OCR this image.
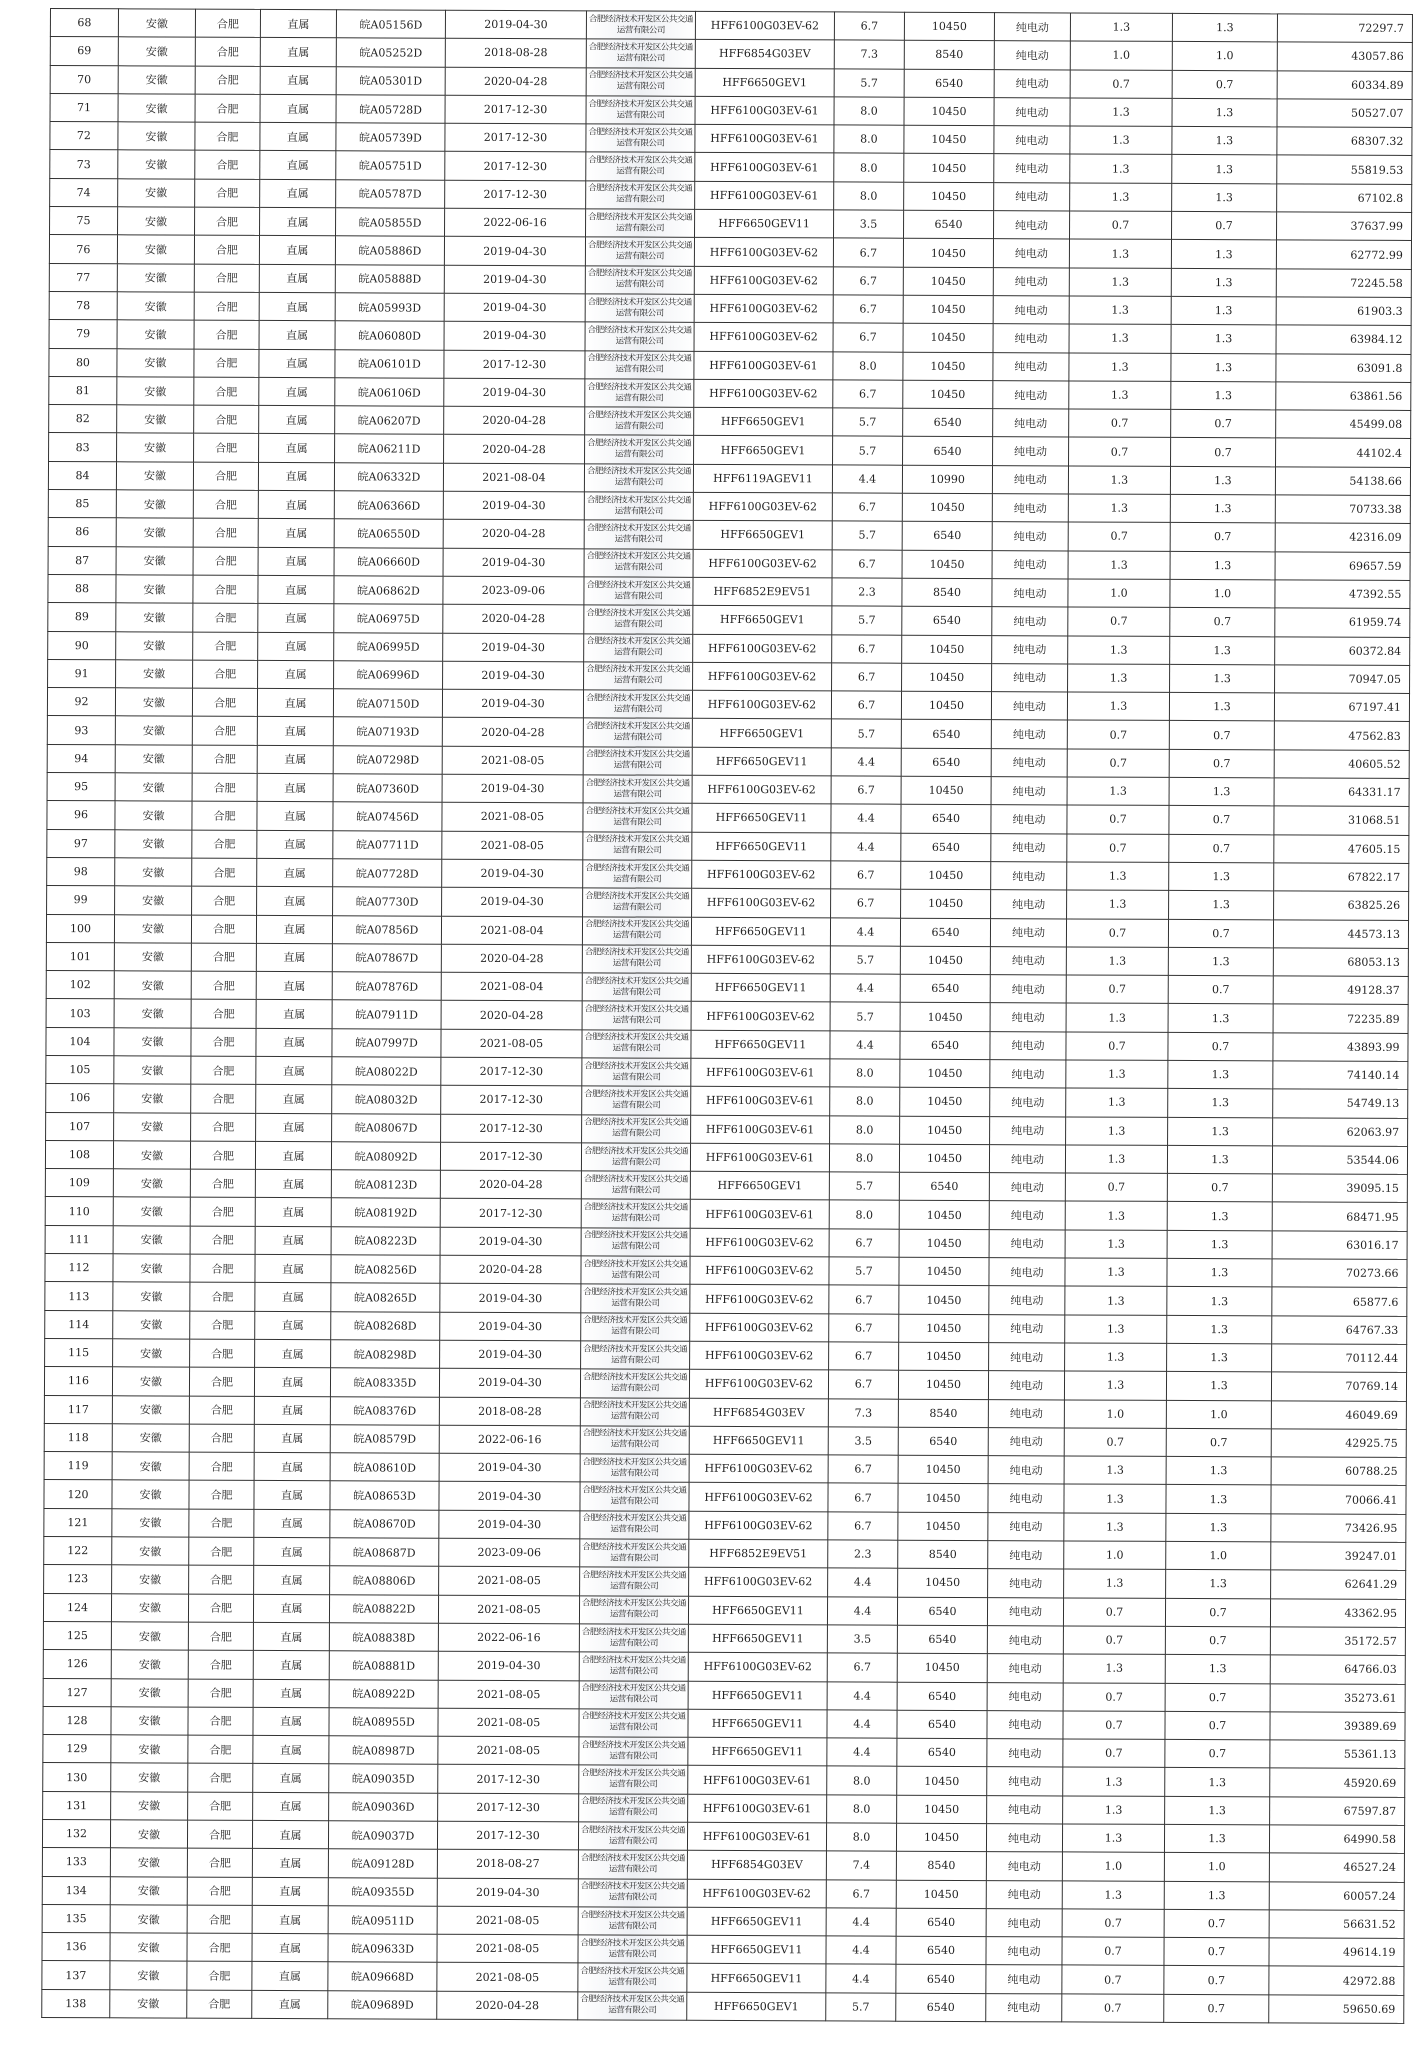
68	安徽	合肥	直属	皖A05156D	2019-04-30	合肥经济技术开发区公共交通运营有限公司	HFF6100G03EV-62	6.7	10450	纯电动	1.3	1.3	72297.7
69	安徽	合肥	直属	皖A05252D	2018-08-28	合肥经济技术开发区公共交通运营有限公司	HFF6854G03EV	7.3	8540	纯电动	1.0	1.0	43057.86
70	安徽	合肥	直属	皖A05301D	2020-04-28	合肥经济技术开发区公共交通运营有限公司	HFF6650GEV1	5.7	6540	纯电动	0.7	0.7	60334.89
71	安徽	合肥	直属	皖A05728D	2017-12-30	合肥经济技术开发区公共交通运营有限公司	HFF6100G03EV-61	8.0	10450	纯电动	1.3	1.3	50527.07
72	安徽	合肥	直属	皖A05739D	2017-12-30	合肥经济技术开发区公共交通运营有限公司	HFF6100G03EV-61	8.0	10450	纯电动	1.3	1.3	68307.32
73	安徽	合肥	直属	皖A05751D	2017-12-30	合肥经济技术开发区公共交通运营有限公司	HFF6100G03EV-61	8.0	10450	纯电动	1.3	1.3	55819.53
74	安徽	合肥	直属	皖A05787D	2017-12-30	合肥经济技术开发区公共交通运营有限公司	HFF6100G03EV-61	8.0	10450	纯电动	1.3	1.3	67102.8
75	安徽	合肥	直属	皖A05855D	2022-06-16	合肥经济技术开发区公共交通运营有限公司	HFF6650GEV11	3.5	6540	纯电动	0.7	0.7	37637.99
76	安徽	合肥	直属	皖A05886D	2019-04-30	合肥经济技术开发区公共交通运营有限公司	HFF6100G03EV-62	6.7	10450	纯电动	1.3	1.3	62772.99
77	安徽	合肥	直属	皖A05888D	2019-04-30	合肥经济技术开发区公共交通运营有限公司	HFF6100G03EV-62	6.7	10450	纯电动	1.3	1.3	72245.58
78	安徽	合肥	直属	皖A05993D	2019-04-30	合肥经济技术开发区公共交通运营有限公司	HFF6100G03EV-62	6.7	10450	纯电动	1.3	1.3	61903.3
79	安徽	合肥	直属	皖A06080D	2019-04-30	合肥经济技术开发区公共交通运营有限公司	HFF6100G03EV-62	6.7	10450	纯电动	1.3	1.3	63984.12
80	安徽	合肥	直属	皖A06101D	2017-12-30	合肥经济技术开发区公共交通运营有限公司	HFF6100G03EV-61	8.0	10450	纯电动	1.3	1.3	63091.8
81	安徽	合肥	直属	皖A06106D	2019-04-30	合肥经济技术开发区公共交通运营有限公司	HFF6100G03EV-62	6.7	10450	纯电动	1.3	1.3	63861.56
82	安徽	合肥	直属	皖A06207D	2020-04-28	合肥经济技术开发区公共交通运营有限公司	HFF6650GEV1	5.7	6540	纯电动	0.7	0.7	45499.08
83	安徽	合肥	直属	皖A06211D	2020-04-28	合肥经济技术开发区公共交通运营有限公司	HFF6650GEV1	5.7	6540	纯电动	0.7	0.7	44102.4
84	安徽	合肥	直属	皖A06332D	2021-08-04	合肥经济技术开发区公共交通运营有限公司	HFF6119AGEV11	4.4	10990	纯电动	1.3	1.3	54138.66
85	安徽	合肥	直属	皖A06366D	2019-04-30	合肥经济技术开发区公共交通运营有限公司	HFF6100G03EV-62	6.7	10450	纯电动	1.3	1.3	70733.38
86	安徽	合肥	直属	皖A06550D	2020-04-28	合肥经济技术开发区公共交通运营有限公司	HFF6650GEV1	5.7	6540	纯电动	0.7	0.7	42316.09
87	安徽	合肥	直属	皖A06660D	2019-04-30	合肥经济技术开发区公共交通运营有限公司	HFF6100G03EV-62	6.7	10450	纯电动	1.3	1.3	69657.59
88	安徽	合肥	直属	皖A06862D	2023-09-06	合肥经济技术开发区公共交通运营有限公司	HFF6852E9EV51	2.3	8540	纯电动	1.0	1.0	47392.55
89	安徽	合肥	直属	皖A06975D	2020-04-28	合肥经济技术开发区公共交通运营有限公司	HFF6650GEV1	5.7	6540	纯电动	0.7	0.7	61959.74
90	安徽	合肥	直属	皖A06995D	2019-04-30	合肥经济技术开发区公共交通运营有限公司	HFF6100G03EV-62	6.7	10450	纯电动	1.3	1.3	60372.84
91	安徽	合肥	直属	皖A06996D	2019-04-30	合肥经济技术开发区公共交通运营有限公司	HFF6100G03EV-62	6.7	10450	纯电动	1.3	1.3	70947.05
92	安徽	合肥	直属	皖A07150D	2019-04-30	合肥经济技术开发区公共交通运营有限公司	HFF6100G03EV-62	6.7	10450	纯电动	1.3	1.3	67197.41
93	安徽	合肥	直属	皖A07193D	2020-04-28	合肥经济技术开发区公共交通运营有限公司	HFF6650GEV1	5.7	6540	纯电动	0.7	0.7	47562.83
94	安徽	合肥	直属	皖A07298D	2021-08-05	合肥经济技术开发区公共交通运营有限公司	HFF6650GEV11	4.4	6540	纯电动	0.7	0.7	40605.52
95	安徽	合肥	直属	皖A07360D	2019-04-30	合肥经济技术开发区公共交通运营有限公司	HFF6100G03EV-62	6.7	10450	纯电动	1.3	1.3	64331.17
96	安徽	合肥	直属	皖A07456D	2021-08-05	合肥经济技术开发区公共交通运营有限公司	HFF6650GEV11	4.4	6540	纯电动	0.7	0.7	31068.51
97	安徽	合肥	直属	皖A07711D	2021-08-05	合肥经济技术开发区公共交通运营有限公司	HFF6650GEV11	4.4	6540	纯电动	0.7	0.7	47605.15
98	安徽	合肥	直属	皖A07728D	2019-04-30	合肥经济技术开发区公共交通运营有限公司	HFF6100G03EV-62	6.7	10450	纯电动	1.3	1.3	67822.17
99	安徽	合肥	直属	皖A07730D	2019-04-30	合肥经济技术开发区公共交通运营有限公司	HFF6100G03EV-62	6.7	10450	纯电动	1.3	1.3	63825.26
100	安徽	合肥	直属	皖A07856D	2021-08-04	合肥经济技术开发区公共交通运营有限公司	HFF6650GEV11	4.4	6540	纯电动	0.7	0.7	44573.13
101	安徽	合肥	直属	皖A07867D	2020-04-28	合肥经济技术开发区公共交通运营有限公司	HFF6100G03EV-62	5.7	10450	纯电动	1.3	1.3	68053.13
102	安徽	合肥	直属	皖A07876D	2021-08-04	合肥经济技术开发区公共交通运营有限公司	HFF6650GEV11	4.4	6540	纯电动	0.7	0.7	49128.37
103	安徽	合肥	直属	皖A07911D	2020-04-28	合肥经济技术开发区公共交通运营有限公司	HFF6100G03EV-62	5.7	10450	纯电动	1.3	1.3	72235.89
104	安徽	合肥	直属	皖A07997D	2021-08-05	合肥经济技术开发区公共交通运营有限公司	HFF6650GEV11	4.4	6540	纯电动	0.7	0.7	43893.99
105	安徽	合肥	直属	皖A08022D	2017-12-30	合肥经济技术开发区公共交通运营有限公司	HFF6100G03EV-61	8.0	10450	纯电动	1.3	1.3	74140.14
106	安徽	合肥	直属	皖A08032D	2017-12-30	合肥经济技术开发区公共交通运营有限公司	HFF6100G03EV-61	8.0	10450	纯电动	1.3	1.3	54749.13
107	安徽	合肥	直属	皖A08067D	2017-12-30	合肥经济技术开发区公共交通运营有限公司	HFF6100G03EV-61	8.0	10450	纯电动	1.3	1.3	62063.97
108	安徽	合肥	直属	皖A08092D	2017-12-30	合肥经济技术开发区公共交通运营有限公司	HFF6100G03EV-61	8.0	10450	纯电动	1.3	1.3	53544.06
109	安徽	合肥	直属	皖A08123D	2020-04-28	合肥经济技术开发区公共交通运营有限公司	HFF6650GEV1	5.7	6540	纯电动	0.7	0.7	39095.15
110	安徽	合肥	直属	皖A08192D	2017-12-30	合肥经济技术开发区公共交通运营有限公司	HFF6100G03EV-61	8.0	10450	纯电动	1.3	1.3	68471.95
111	安徽	合肥	直属	皖A08223D	2019-04-30	合肥经济技术开发区公共交通运营有限公司	HFF6100G03EV-62	6.7	10450	纯电动	1.3	1.3	63016.17
112	安徽	合肥	直属	皖A08256D	2020-04-28	合肥经济技术开发区公共交通运营有限公司	HFF6100G03EV-62	5.7	10450	纯电动	1.3	1.3	70273.66
113	安徽	合肥	直属	皖A08265D	2019-04-30	合肥经济技术开发区公共交通运营有限公司	HFF6100G03EV-62	6.7	10450	纯电动	1.3	1.3	65877.6
114	安徽	合肥	直属	皖A08268D	2019-04-30	合肥经济技术开发区公共交通运营有限公司	HFF6100G03EV-62	6.7	10450	纯电动	1.3	1.3	64767.33
115	安徽	合肥	直属	皖A08298D	2019-04-30	合肥经济技术开发区公共交通运营有限公司	HFF6100G03EV-62	6.7	10450	纯电动	1.3	1.3	70112.44
116	安徽	合肥	直属	皖A08335D	2019-04-30	合肥经济技术开发区公共交通运营有限公司	HFF6100G03EV-62	6.7	10450	纯电动	1.3	1.3	70769.14
117	安徽	合肥	直属	皖A08376D	2018-08-28	合肥经济技术开发区公共交通运营有限公司	HFF6854G03EV	7.3	8540	纯电动	1.0	1.0	46049.69
118	安徽	合肥	直属	皖A08579D	2022-06-16	合肥经济技术开发区公共交通运营有限公司	HFF6650GEV11	3.5	6540	纯电动	0.7	0.7	42925.75
119	安徽	合肥	直属	皖A08610D	2019-04-30	合肥经济技术开发区公共交通运营有限公司	HFF6100G03EV-62	6.7	10450	纯电动	1.3	1.3	60788.25
120	安徽	合肥	直属	皖A08653D	2019-04-30	合肥经济技术开发区公共交通运营有限公司	HFF6100G03EV-62	6.7	10450	纯电动	1.3	1.3	70066.41
121	安徽	合肥	直属	皖A08670D	2019-04-30	合肥经济技术开发区公共交通运营有限公司	HFF6100G03EV-62	6.7	10450	纯电动	1.3	1.3	73426.95
122	安徽	合肥	直属	皖A08687D	2023-09-06	合肥经济技术开发区公共交通运营有限公司	HFF6852E9EV51	2.3	8540	纯电动	1.0	1.0	39247.01
123	安徽	合肥	直属	皖A08806D	2021-08-05	合肥经济技术开发区公共交通运营有限公司	HFF6100G03EV-62	4.4	10450	纯电动	1.3	1.3	62641.29
124	安徽	合肥	直属	皖A08822D	2021-08-05	合肥经济技术开发区公共交通运营有限公司	HFF6650GEV11	4.4	6540	纯电动	0.7	0.7	43362.95
125	安徽	合肥	直属	皖A08838D	2022-06-16	合肥经济技术开发区公共交通运营有限公司	HFF6650GEV11	3.5	6540	纯电动	0.7	0.7	35172.57
126	安徽	合肥	直属	皖A08881D	2019-04-30	合肥经济技术开发区公共交通运营有限公司	HFF6100G03EV-62	6.7	10450	纯电动	1.3	1.3	64766.03
127	安徽	合肥	直属	皖A08922D	2021-08-05	合肥经济技术开发区公共交通运营有限公司	HFF6650GEV11	4.4	6540	纯电动	0.7	0.7	35273.61
128	安徽	合肥	直属	皖A08955D	2021-08-05	合肥经济技术开发区公共交通运营有限公司	HFF6650GEV11	4.4	6540	纯电动	0.7	0.7	39389.69
129	安徽	合肥	直属	皖A08987D	2021-08-05	合肥经济技术开发区公共交通运营有限公司	HFF6650GEV11	4.4	6540	纯电动	0.7	0.7	55361.13
130	安徽	合肥	直属	皖A09035D	2017-12-30	合肥经济技术开发区公共交通运营有限公司	HFF6100G03EV-61	8.0	10450	纯电动	1.3	1.3	45920.69
131	安徽	合肥	直属	皖A09036D	2017-12-30	合肥经济技术开发区公共交通运营有限公司	HFF6100G03EV-61	8.0	10450	纯电动	1.3	1.3	67597.87
132	安徽	合肥	直属	皖A09037D	2017-12-30	合肥经济技术开发区公共交通运营有限公司	HFF6100G03EV-61	8.0	10450	纯电动	1.3	1.3	64990.58
133	安徽	合肥	直属	皖A09128D	2018-08-27	合肥经济技术开发区公共交通运营有限公司	HFF6854G03EV	7.4	8540	纯电动	1.0	1.0	46527.24
134	安徽	合肥	直属	皖A09355D	2019-04-30	合肥经济技术开发区公共交通运营有限公司	HFF6100G03EV-62	6.7	10450	纯电动	1.3	1.3	60057.24
135	安徽	合肥	直属	皖A09511D	2021-08-05	合肥经济技术开发区公共交通运营有限公司	HFF6650GEV11	4.4	6540	纯电动	0.7	0.7	56631.52
136	安徽	合肥	直属	皖A09633D	2021-08-05	合肥经济技术开发区公共交通运营有限公司	HFF6650GEV11	4.4	6540	纯电动	0.7	0.7	49614.19
137	安徽	合肥	直属	皖A09668D	2021-08-05	合肥经济技术开发区公共交通运营有限公司	HFF6650GEV11	4.4	6540	纯电动	0.7	0.7	42972.88
138	安徽	合肥	直属	皖A09689D	2020-04-28	合肥经济技术开发区公共交通运营有限公司	HFF6650GEV1	5.7	6540	纯电动	0.7	0.7	59650.69
